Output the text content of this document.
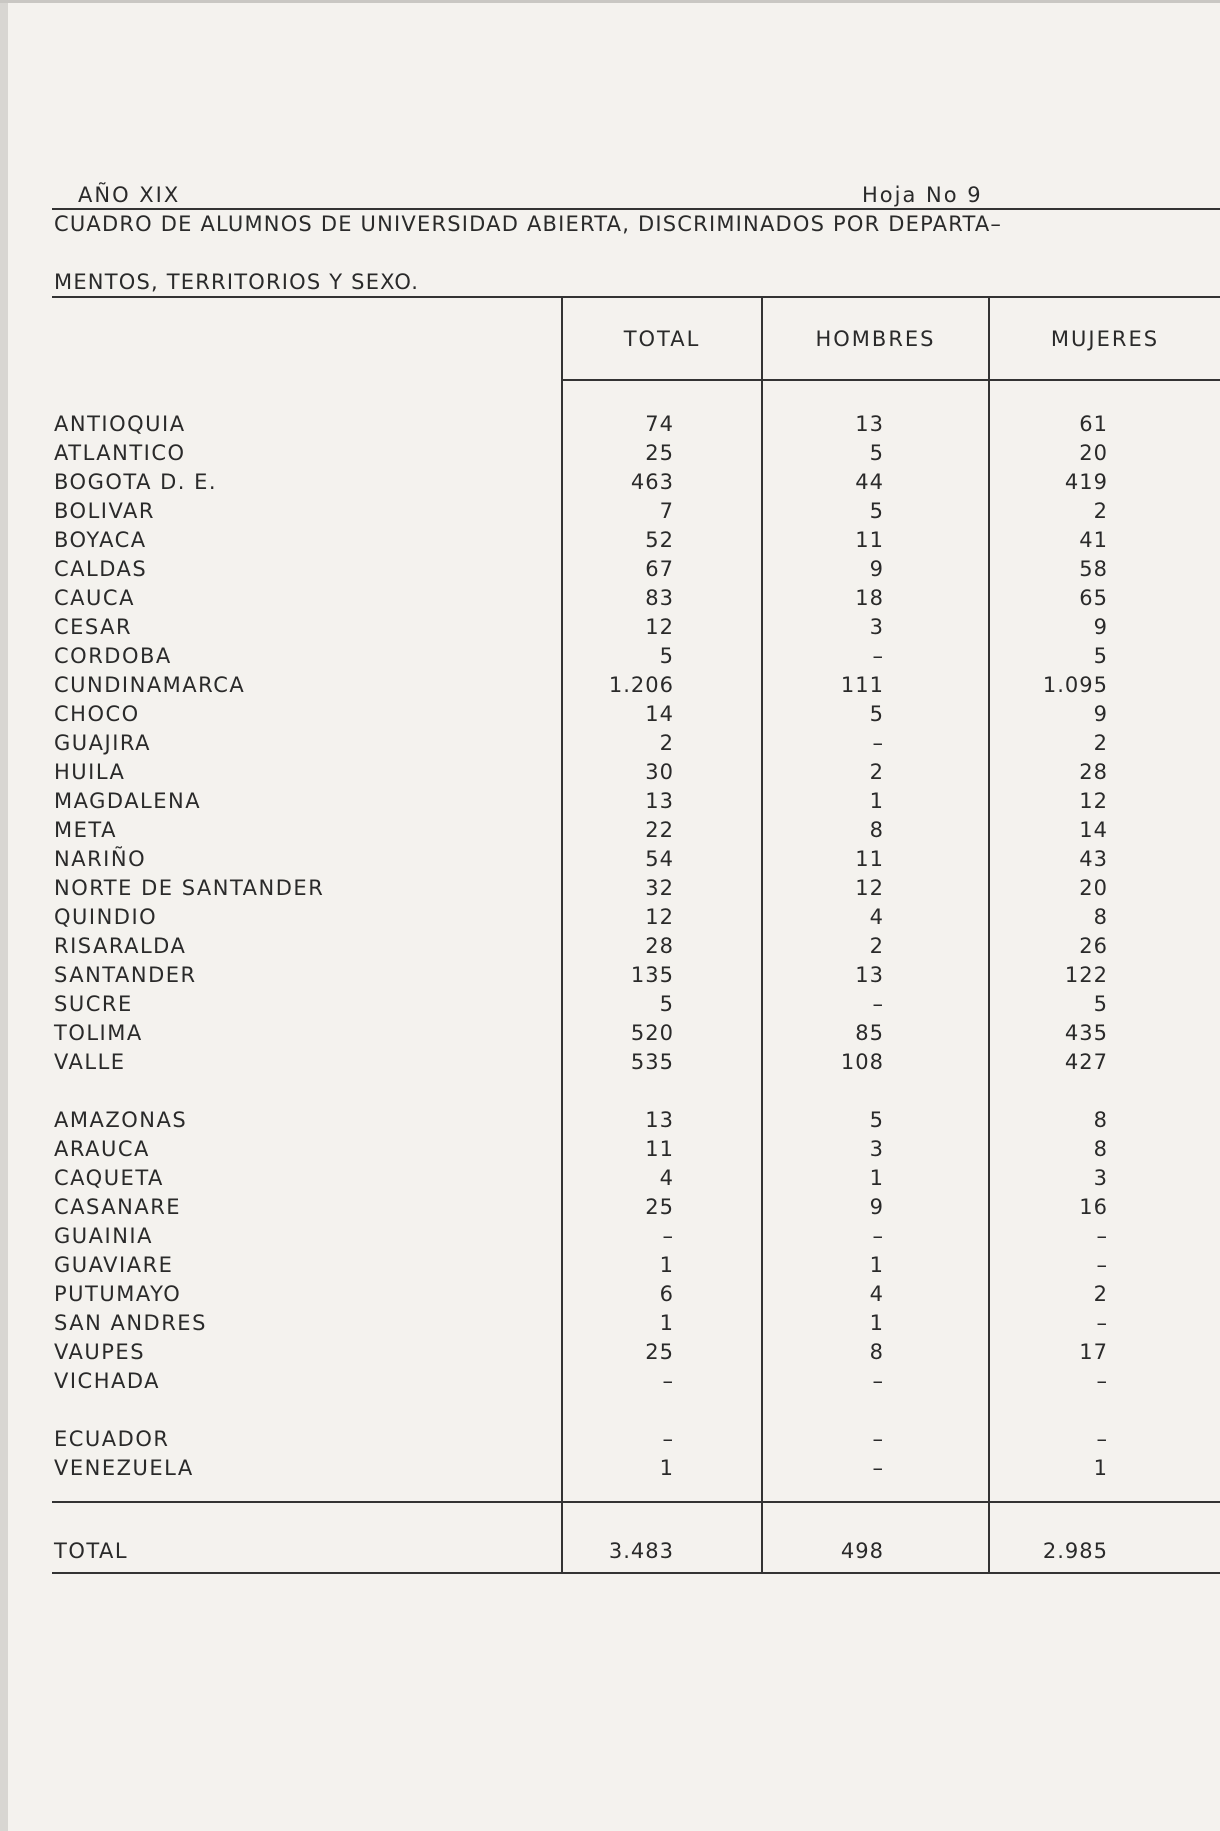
AÑO XIX	Hoja No 9
CUADRO DE ALUMNOS DE UNIVERSIDAD ABIERTA, DISCRIMINADOS POR DEPARTA–
MENTOS, TERRITORIOS Y SEXO.
TOTAL	HOMBRES	MUJERES
ANTIOQUIA	74	13	61
ATLANTICO	25	5	20
BOGOTA D. E.	463	44	419
BOLIVAR	7	5	2
BOYACA	52	11	41
CALDAS	67	9	58
CAUCA	83	18	65
CESAR	12	3	9
CORDOBA	5	–	5
CUNDINAMARCA	1.206	111	1.095
CHOCO	14	5	9
GUAJIRA	2	–	2
HUILA	30	2	28
MAGDALENA	13	1	12
META	22	8	14
NARIÑO	54	11	43
NORTE DE SANTANDER	32	12	20
QUINDIO	12	4	8
RISARALDA	28	2	26
SANTANDER	135	13	122
SUCRE	5	–	5
TOLIMA	520	85	435
VALLE	535	108	427
AMAZONAS	13	5	8
ARAUCA	11	3	8
CAQUETA	4	1	3
CASANARE	25	9	16
GUAINIA	–	–	–
GUAVIARE	1	1	–
PUTUMAYO	6	4	2
SAN ANDRES	1	1	–
VAUPES	25	8	17
VICHADA	–	–	–
ECUADOR	–	–	–
VENEZUELA	1	–	1
TOTAL	3.483	498	2.985
